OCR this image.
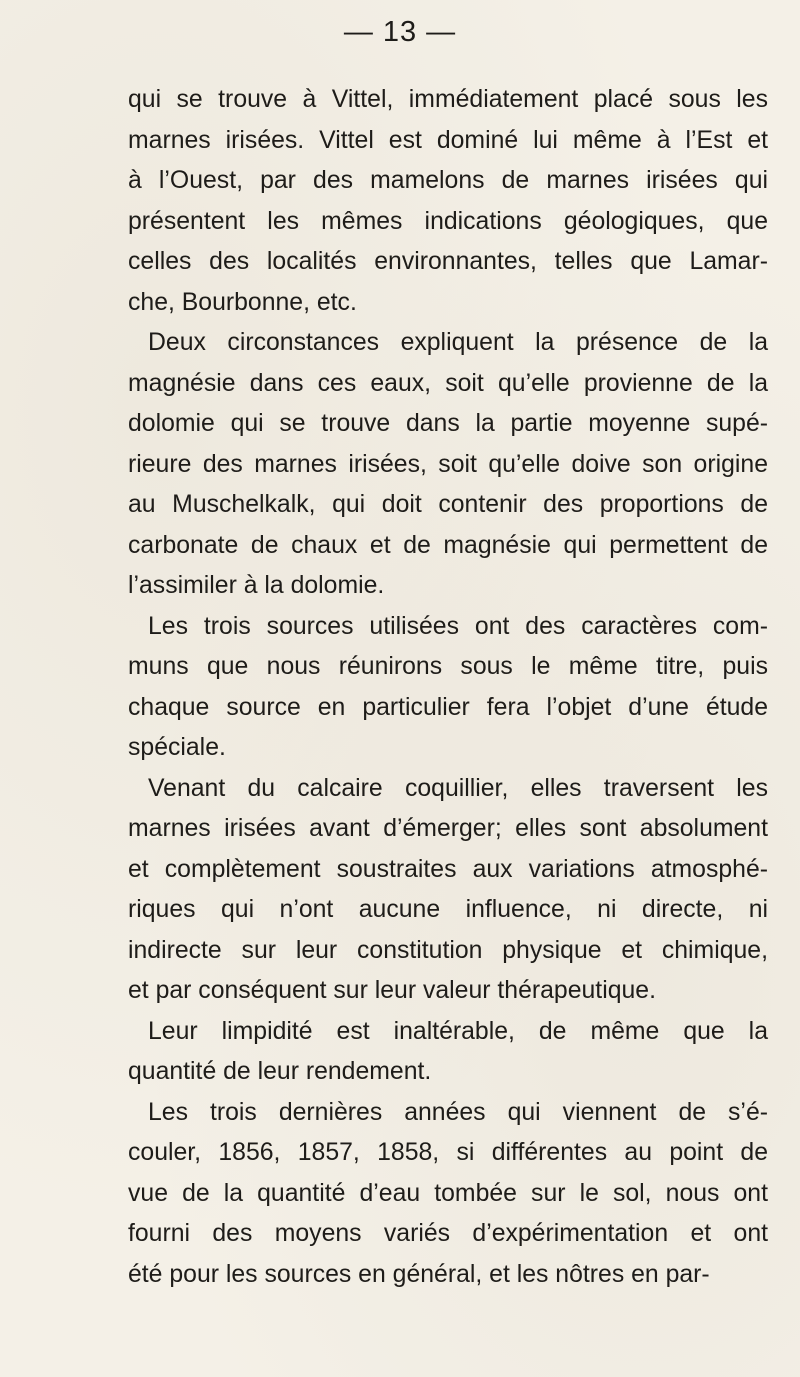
— 13 —
qui se trouve à Vittel, immédiatement placé sous les
marnes irisées. Vittel est dominé lui même à l’Est et
à l’Ouest, par des mamelons de marnes irisées qui
présentent les mêmes indications géologiques, que
celles des localités environnantes, telles que Lamar-
che, Bourbonne, etc.
Deux circonstances expliquent la présence de la
magnésie dans ces eaux, soit qu’elle provienne de la
dolomie qui se trouve dans la partie moyenne supé-
rieure des marnes irisées, soit qu’elle doive son origine
au Muschelkalk, qui doit contenir des proportions de
carbonate de chaux et de magnésie qui permettent de
l’assimiler à la dolomie.
Les trois sources utilisées ont des caractères com-
muns que nous réunirons sous le même titre, puis
chaque source en particulier fera l’objet d’une étude
spéciale.
Venant du calcaire coquillier, elles traversent les
marnes irisées avant d’émerger; elles sont absolument
et complètement soustraites aux variations atmosphé-
riques qui n’ont aucune influence, ni directe, ni
indirecte sur leur constitution physique et chimique,
et par conséquent sur leur valeur thérapeutique.
Leur limpidité est inaltérable, de même que la
quantité de leur rendement.
Les trois dernières années qui viennent de s’é-
couler, 1856, 1857, 1858, si différentes au point de
vue de la quantité d’eau tombée sur le sol, nous ont
fourni des moyens variés d’expérimentation et ont
été pour les sources en général, et les nôtres en par-
